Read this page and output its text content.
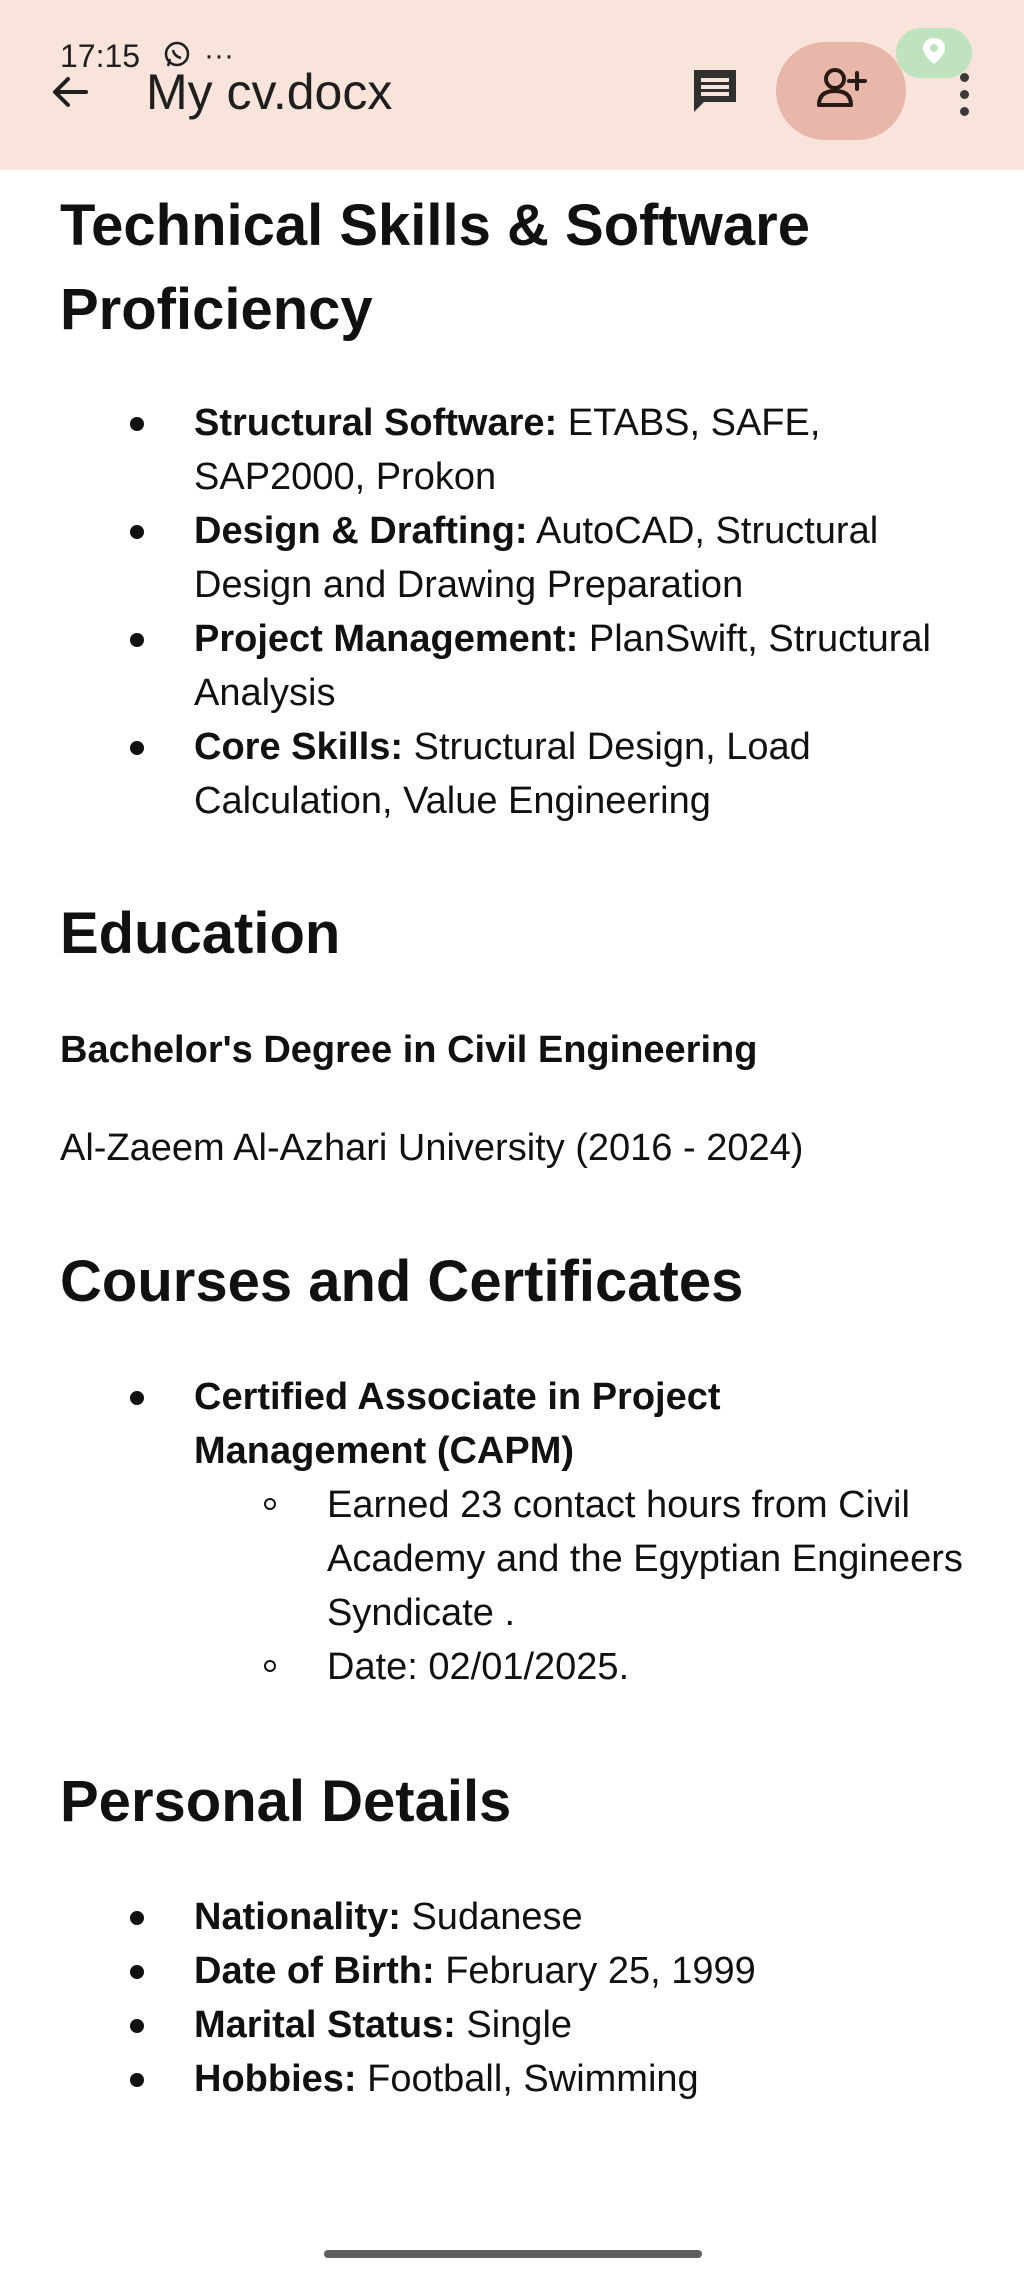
17:15 ···
My cv.docx
Technical Skills & Software Proficiency
Structural Software: ETABS, SAFE, SAP2000, Prokon
Design & Drafting: AutoCAD, Structural Design and Drawing Preparation
Project Management: PlanSwift, Structural Analysis
Core Skills: Structural Design, Load Calculation, Value Engineering
Education
Bachelor's Degree in Civil Engineering
Al-Zaeem Al-Azhari University (2016 - 2024)
Courses and Certificates
Certified Associate in Project Management (CAPM)
Earned 23 contact hours from Civil Academy and the Egyptian Engineers Syndicate .
Date: 02/01/2025.
Personal Details
Nationality: Sudanese
Date of Birth: February 25, 1999
Marital Status: Single
Hobbies: Football, Swimming
